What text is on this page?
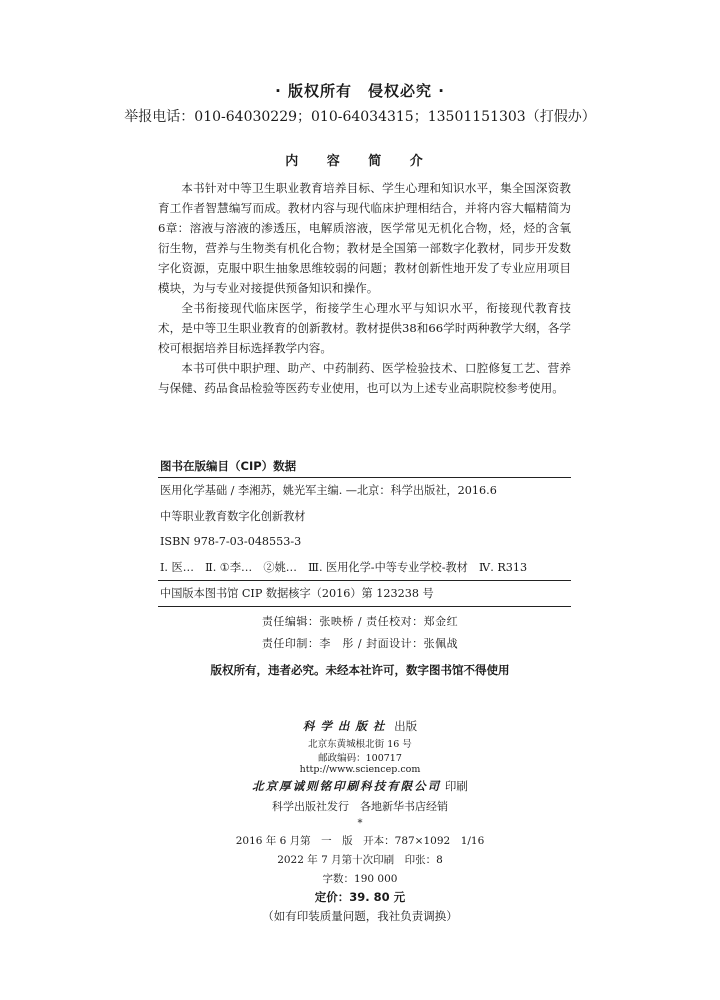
· 版权所有　侵权必究 ·
举报电话：010-64030229；010-64034315；13501151303（打假办）
内 容 简 介

本书针对中等卫生职业教育培养目标、学生心理和知识水平，集全国深资教育工作者智慧编写而成。教材内容与现代临床护理相结合，并将内容大幅精简为6章：溶液与溶液的渗透压，电解质溶液，医学常见无机化合物，烃，烃的含氧衍生物，营养与生物类有机化合物；教材是全国第一部数字化教材，同步开发数字化资源，克服中职生抽象思维较弱的问题；教材创新性地开发了专业应用项目模块，为与专业对接提供预备知识和操作。

全书衔接现代临床医学，衔接学生心理水平与知识水平，衔接现代教育技术，是中等卫生职业教育的创新教材。教材提供38和66学时两种教学大纲，各学校可根据培养目标选择教学内容。

本书可供中职护理、助产、中药制药、医学检验技术、口腔修复工艺、营养与保健、药品食品检验等医药专业使用，也可以为上述专业高职院校参考使用。

图书在版编目（CIP）数据
医用化学基础 / 李湘苏，姚光军主编. —北京：科学出版社，2016.6
中等职业教育数字化创新教材
ISBN 978-7-03-048553-3
Ⅰ. 医…　Ⅱ. ①李…　②姚…　Ⅲ. 医用化学-中等专业学校-教材　Ⅳ. R313
中国版本图书馆 CIP 数据核字（2016）第 123238 号
责任编辑：张映桥 / 责任校对：郑金红
责任印制：李　彤 / 封面设计：张佩战
版权所有，违者必究。未经本社许可，数字图书馆不得使用
科学出版社 出版
北京东黄城根北街 16 号
邮政编码：100717
http://www.sciencep.com
北京厚诚则铭印刷科技有限公司 印刷
科学出版社发行　各地新华书店经销
*
2016 年 6 月第　一　版　开本：787×1092　1/16
2022 年 7 月第十次印刷　印张：8
字数：190 000
定价：39. 80 元
（如有印装质量问题，我社负责调换）
